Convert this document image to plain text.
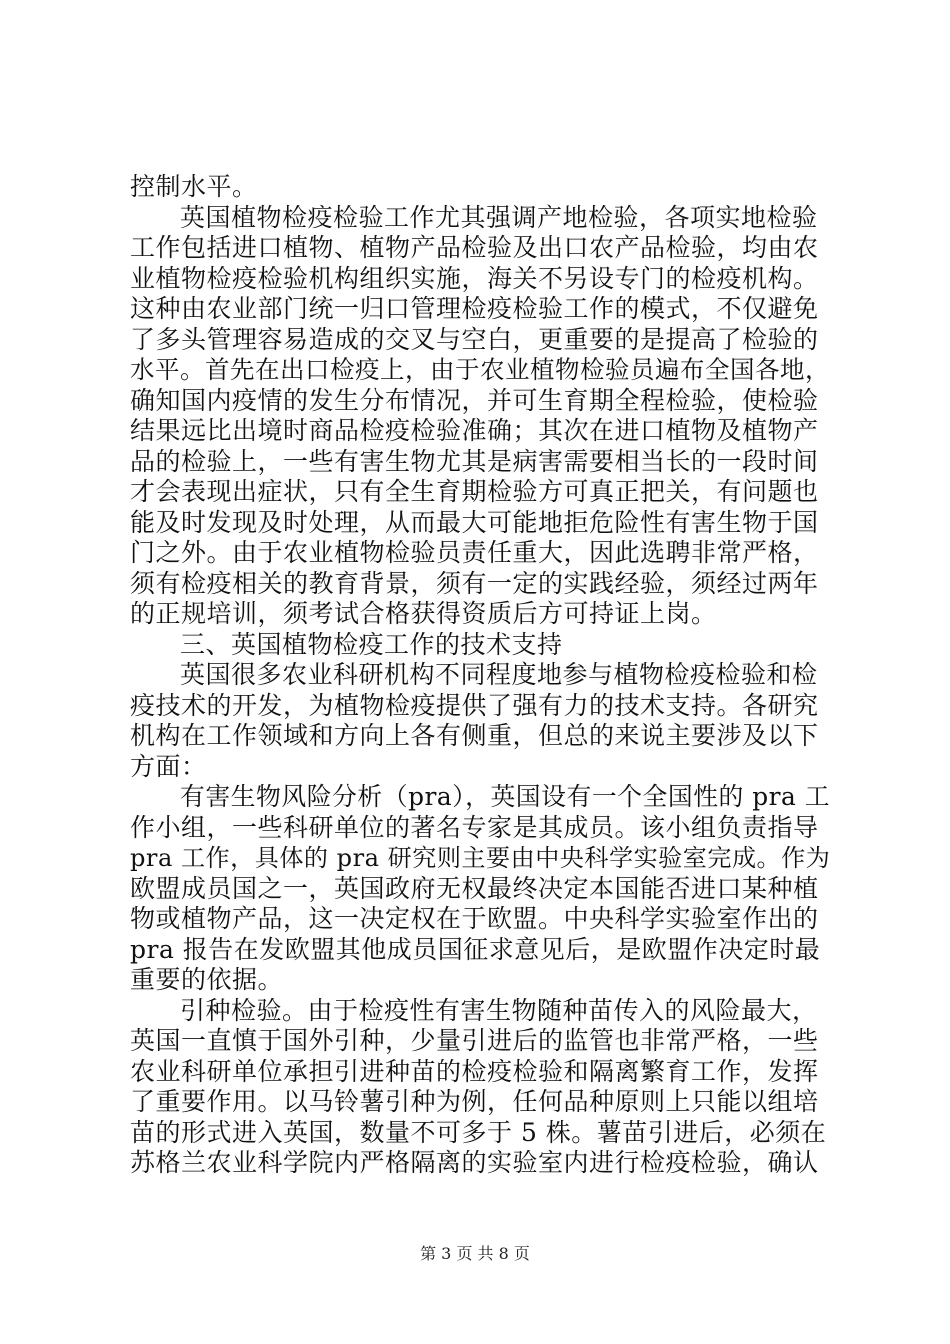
控制水平。
英国植物检疫检验工作尤其强调产地检验，各项实地检验
工作包括进口植物、植物产品检验及出口农产品检验，均由农
业植物检疫检验机构组织实施，海关不另设专门的检疫机构。
这种由农业部门统一归口管理检疫检验工作的模式，不仅避免
了多头管理容易造成的交叉与空白，更重要的是提高了检验的
水平。首先在出口检疫上，由于农业植物检验员遍布全国各地，
确知国内疫情的发生分布情况，并可生育期全程检验，使检验
结果远比出境时商品检疫检验准确；其次在进口植物及植物产
品的检验上，一些有害生物尤其是病害需要相当长的一段时间
才会表现出症状，只有全生育期检验方可真正把关，有问题也
能及时发现及时处理，从而最大可能地拒危险性有害生物于国
门之外。由于农业植物检验员责任重大，因此选聘非常严格，
须有检疫相关的教育背景，须有一定的实践经验，须经过两年
的正规培训，须考试合格获得资质后方可持证上岗。
三、英国植物检疫工作的技术支持
英国很多农业科研机构不同程度地参与植物检疫检验和检
疫技术的开发，为植物检疫提供了强有力的技术支持。各研究
机构在工作领域和方向上各有侧重，但总的来说主要涉及以下
方面：
有害生物风险分析（pra），英国设有一个全国性的 pra 工
作小组，一些科研单位的著名专家是其成员。该小组负责指导
pra 工作，具体的 pra 研究则主要由中央科学实验室完成。作为
欧盟成员国之一，英国政府无权最终决定本国能否进口某种植
物或植物产品，这一决定权在于欧盟。中央科学实验室作出的
pra 报告在发欧盟其他成员国征求意见后，是欧盟作决定时最
重要的依据。
引种检验。由于检疫性有害生物随种苗传入的风险最大，
英国一直慎于国外引种，少量引进后的监管也非常严格，一些
农业科研单位承担引进种苗的检疫检验和隔离繁育工作，发挥
了重要作用。以马铃薯引种为例，任何品种原则上只能以组培
苗的形式进入英国，数量不可多于 5 株。薯苗引进后，必须在
苏格兰农业科学院内严格隔离的实验室内进行检疫检验，确认
第 3 页 共 8 页
